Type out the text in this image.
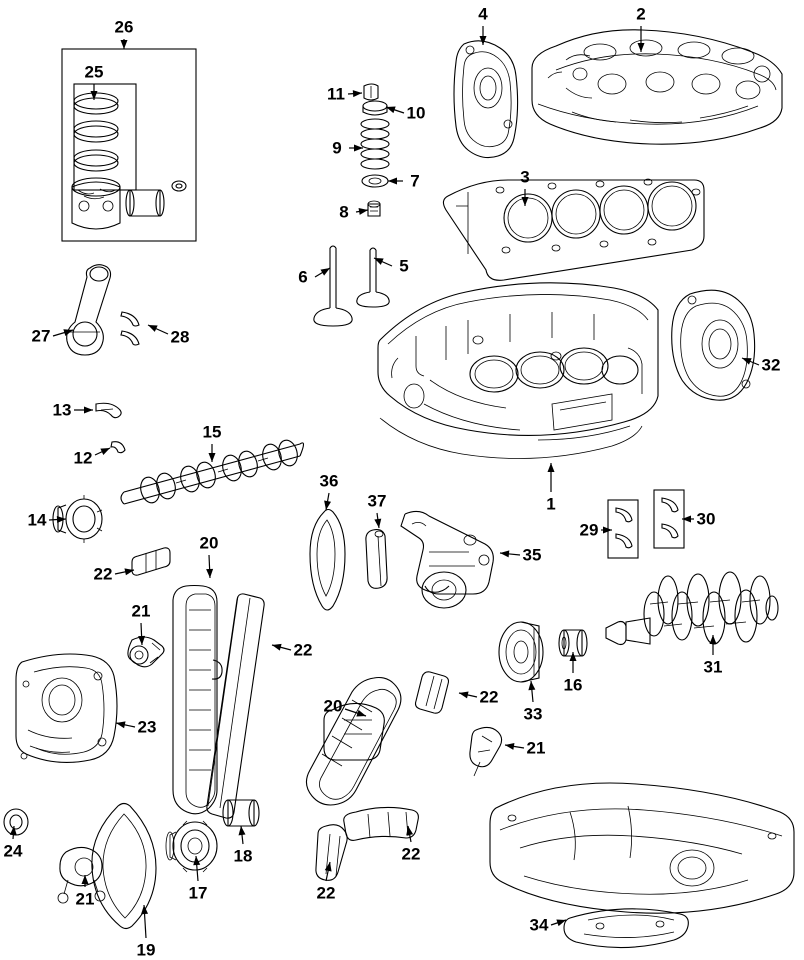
1
2
3
4
5
6
7
8
9
10
11
12
13
14
15
16
17
18
19
20
21
22
23
24
25
26
27	28
29
30
31
32
33
34
35
36
37
20
21
21
22
22
22
22
